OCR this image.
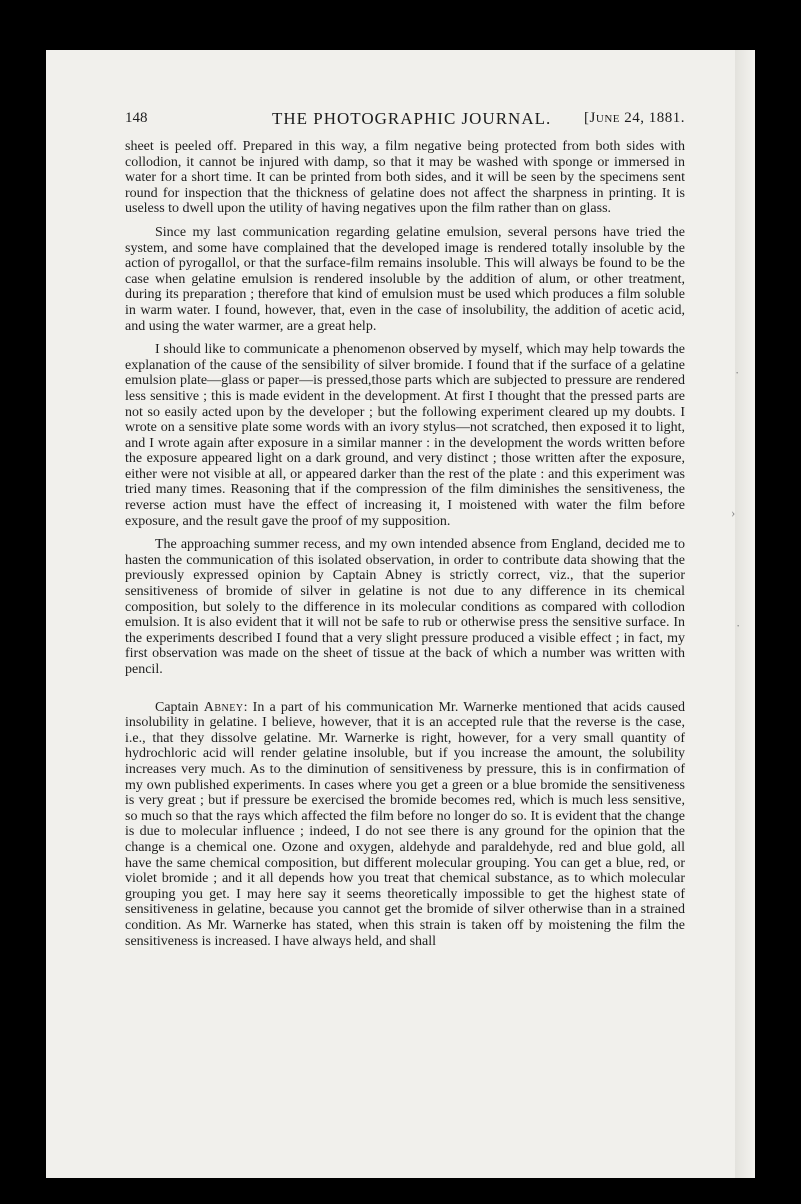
148	THE PHOTOGRAPHIC JOURNAL. [June 24, 1881.

sheet is peeled off. Prepared in this way, a film negative being protected from both sides with collodion, it cannot be injured with damp, so that it may be washed with sponge or immersed in water for a short time. It can be printed from both sides, and it will be seen by the specimens sent round for inspection that the thickness of gelatine does not affect the sharpness in printing. It is useless to dwell upon the utility of having negatives upon the film rather than on glass.

Since my last communication regarding gelatine emulsion, several persons have tried the system, and some have complained that the developed image is rendered totally insoluble by the action of pyrogallol, or that the surface-film remains insoluble. This will always be found to be the case when gelatine emulsion is rendered insoluble by the addition of alum, or other treatment, during its preparation ; therefore that kind of emulsion must be used which produces a film soluble in warm water. I found, however, that, even in the case of insolubility, the addition of acetic acid, and using the water warmer, are a great help.

I should like to communicate a phenomenon observed by myself, which may help towards the explanation of the cause of the sensibility of silver bromide. I found that if the surface of a gelatine emulsion plate—glass or paper—is pressed,those parts which are subjected to pressure are rendered less sensitive ; this is made evident in the development. At first I thought that the pressed parts are not so easily acted upon by the developer ; but the following experiment cleared up my doubts. I wrote on a sensitive plate some words with an ivory stylus—not scratched, then exposed it to light, and I wrote again after exposure in a similar manner : in the development the words written before the exposure appeared light on a dark ground, and very distinct ; those written after the exposure, either were not visible at all, or appeared darker than the rest of the plate : and this experiment was tried many times. Reasoning that if the compression of the film diminishes the sensitiveness, the reverse action must have the effect of increasing it, I moistened with water the film before exposure, and the result gave the proof of my supposition.

The approaching summer recess, and my own intended absence from England, decided me to hasten the communication of this isolated observation, in order to contribute data showing that the previously expressed opinion by Captain Abney is strictly correct, viz., that the superior sensitiveness of bromide of silver in gelatine is not due to any difference in its chemical composition, but solely to the difference in its molecular conditions as compared with collodion emulsion. It is also evident that it will not be safe to rub or otherwise press the sensitive surface. In the experiments described I found that a very slight pressure produced a visible effect ; in fact, my first observation was made on the sheet of tissue at the back of which a number was written with pencil.

Captain Abney: In a part of his communication Mr. Warnerke mentioned that acids caused insolubility in gelatine. I believe, however, that it is an accepted rule that the reverse is the case, i.e., that they dissolve gelatine. Mr. Warnerke is right, however, for a very small quantity of hydrochloric acid will render gelatine insoluble, but if you increase the amount, the solubility increases very much. As to the diminution of sensitiveness by pressure, this is in confirmation of my own published experiments. In cases where you get a green or a blue bromide the sensitiveness is very great ; but if pressure be exercised the bromide becomes red, which is much less sensitive, so much so that the rays which affected the film before no longer do so. It is evident that the change is due to molecular influence ; indeed, I do not see there is any ground for the opinion that the change is a chemical one. Ozone and oxygen, aldehyde and paraldehyde, red and blue gold, all have the same chemical composition, but different molecular grouping. You can get a blue, red, or violet bromide ; and it all depends how you treat that chemical substance, as to which molecular grouping you get. I may here say it seems theoretically impossible to get the highest state of sensitiveness in gelatine, because you cannot get the bromide of silver otherwise than in a strained condition. As Mr. Warnerke has stated, when this strain is taken off by moistening the film the sensitiveness is increased. I have always held, and shall

·
›
·
